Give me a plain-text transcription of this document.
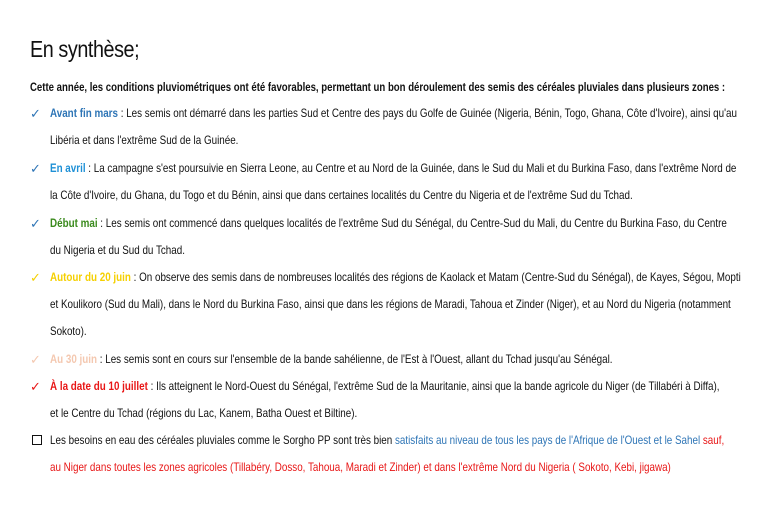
En synthèse;
Cette année, les conditions pluviométriques ont été favorables, permettant un bon déroulement des semis des céréales pluviales dans plusieurs zones :
✓ Avant fin mars : Les semis ont démarré dans les parties Sud et Centre des pays du Golfe de Guinée (Nigeria, Bénin, Togo, Ghana, Côte d'Ivoire), ainsi qu'au
Libéria et dans l'extrême Sud de la Guinée.
✓ En avril : La campagne s'est poursuivie en Sierra Leone, au Centre et au Nord de la Guinée, dans le Sud du Mali et du Burkina Faso, dans l'extrême Nord de
la Côte d'Ivoire, du Ghana, du Togo et du Bénin, ainsi que dans certaines localités du Centre du Nigeria et de l'extrême Sud du Tchad.
✓ Début mai : Les semis ont commencé dans quelques localités de l'extrême Sud du Sénégal, du Centre-Sud du Mali, du Centre du Burkina Faso, du Centre
du Nigeria et du Sud du Tchad.
✓ Autour du 20 juin : On observe des semis dans de nombreuses localités des régions de Kaolack et Matam (Centre-Sud du Sénégal), de Kayes, Ségou, Mopti
et Koulikoro (Sud du Mali), dans le Nord du Burkina Faso, ainsi que dans les régions de Maradi, Tahoua et Zinder (Niger), et au Nord du Nigeria (notamment
Sokoto).
✓ Au 30 juin : Les semis sont en cours sur l'ensemble de la bande sahélienne, de l'Est à l'Ouest, allant du Tchad jusqu'au Sénégal.
✓ À la date du 10 juillet : Ils atteignent le Nord-Ouest du Sénégal, l'extrême Sud de la Mauritanie, ainsi que la bande agricole du Niger (de Tillabéri à Diffa),
et le Centre du Tchad (régions du Lac, Kanem, Batha Ouest et Biltine).
Les besoins en eau des céréales pluviales comme le Sorgho PP sont très bien satisfaits au niveau de tous les pays de l'Afrique de l'Ouest et le Sahel sauf,
au Niger dans toutes les zones agricoles (Tillabéry, Dosso, Tahoua, Maradi et Zinder) et dans l'extrême Nord du Nigeria ( Sokoto, Kebi, jigawa)
